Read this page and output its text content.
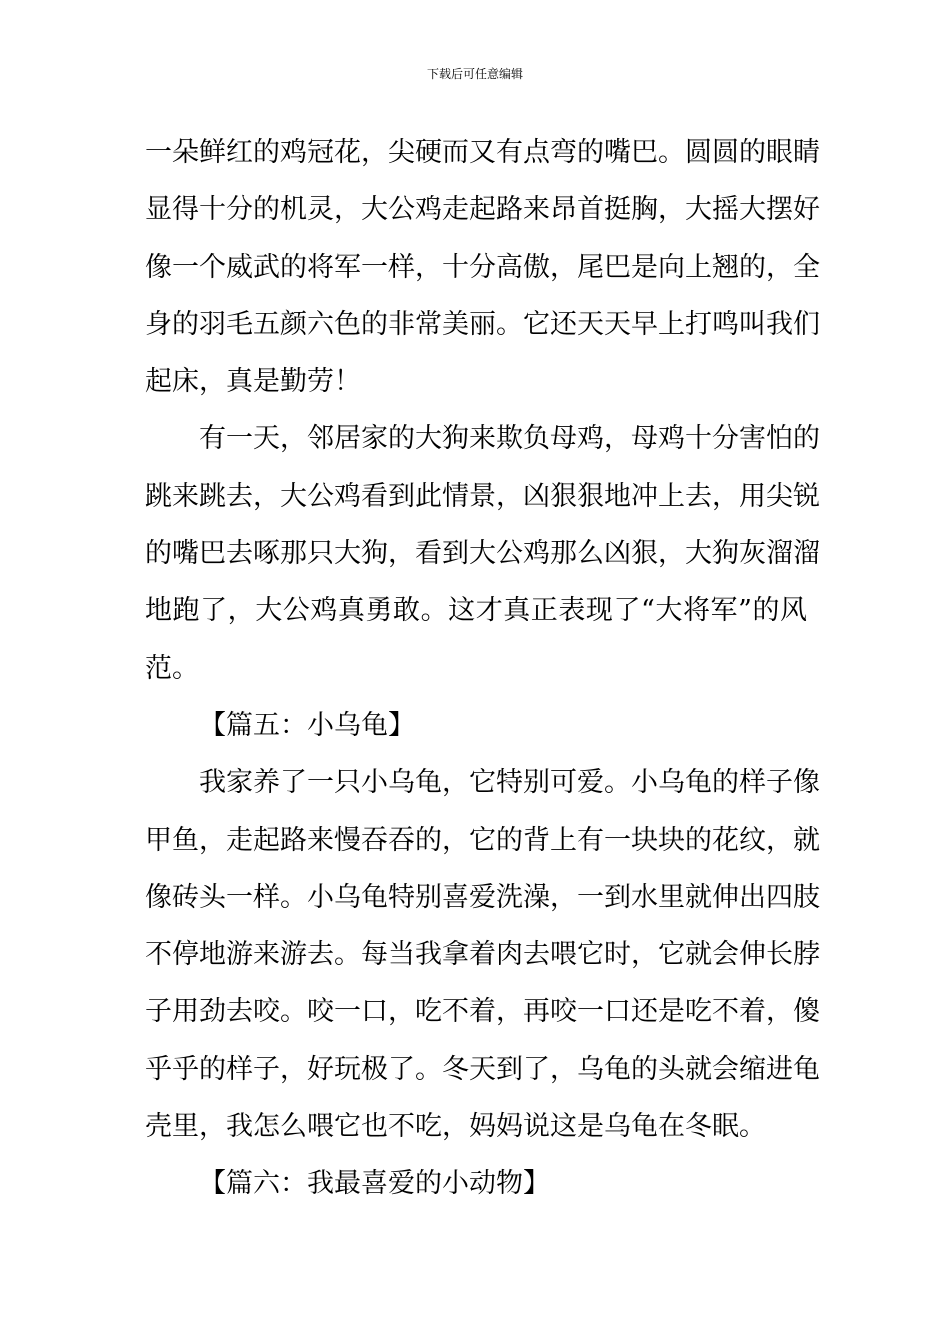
下载后可任意编辑
一朵鲜红的鸡冠花，尖硬而又有点弯的嘴巴。圆圆的眼睛
显得十分的机灵，大公鸡走起路来昂首挺胸，大摇大摆好
像一个威武的将军一样，十分高傲，尾巴是向上翘的，全
身的羽毛五颜六色的非常美丽。它还天天早上打鸣叫我们
起床，真是勤劳！
有一天，邻居家的大狗来欺负母鸡，母鸡十分害怕的
跳来跳去，大公鸡看到此情景，凶狠狠地冲上去，用尖锐
的嘴巴去啄那只大狗，看到大公鸡那么凶狠，大狗灰溜溜
地跑了，大公鸡真勇敢。这才真正表现了“大将军”的风
范。
【篇五：小乌龟】
我家养了一只小乌龟，它特别可爱。小乌龟的样子像
甲鱼，走起路来慢吞吞的，它的背上有一块块的花纹，就
像砖头一样。小乌龟特别喜爱洗澡，一到水里就伸出四肢
不停地游来游去。每当我拿着肉去喂它时，它就会伸长脖
子用劲去咬。咬一口，吃不着，再咬一口还是吃不着，傻
乎乎的样子，好玩极了。冬天到了，乌龟的头就会缩进龟
壳里，我怎么喂它也不吃，妈妈说这是乌龟在冬眠。
【篇六：我最喜爱的小动物】
